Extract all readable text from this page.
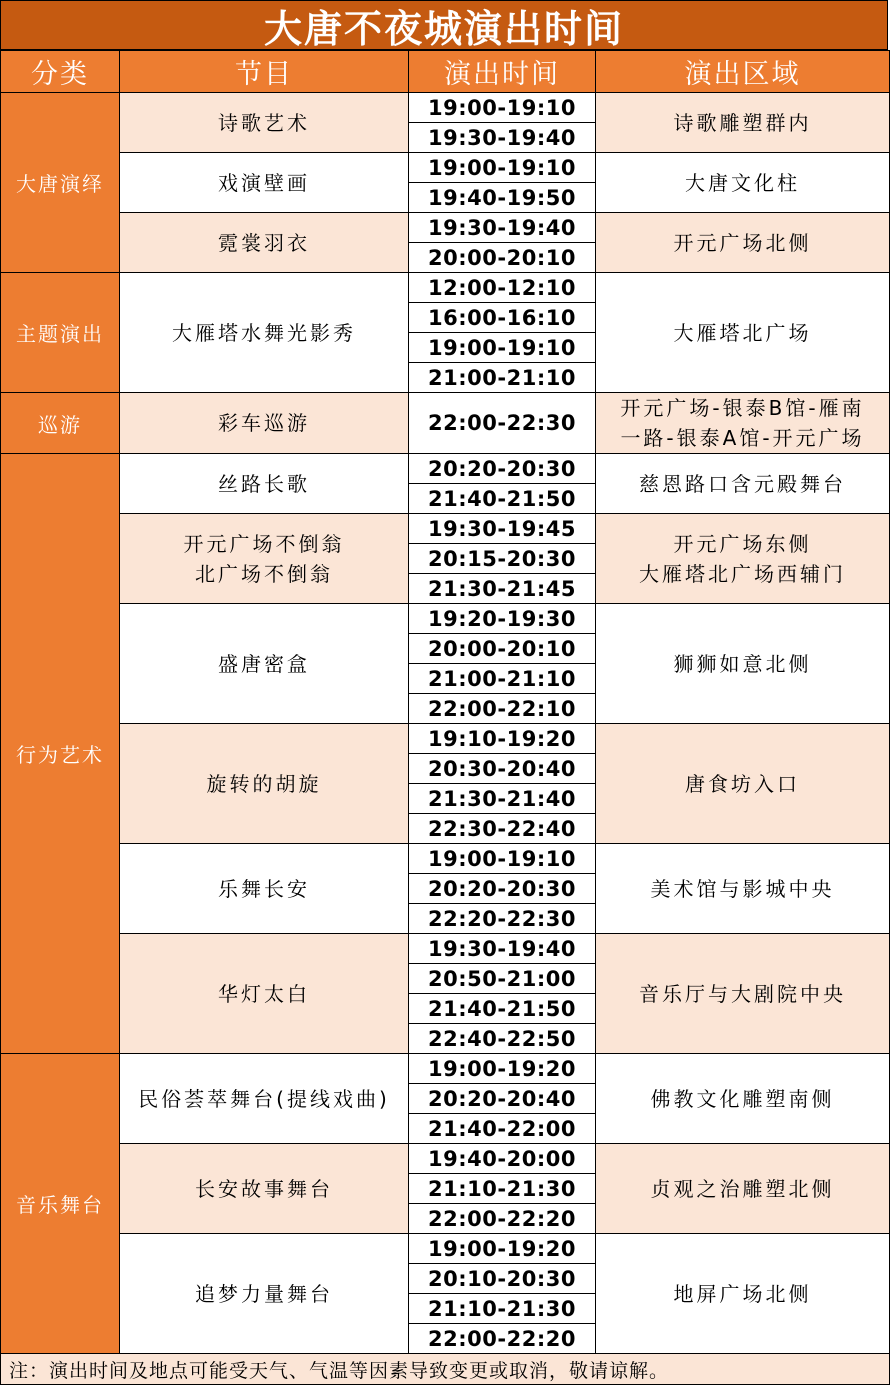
大唐不夜城演出时间
分类	节目	演出时间	演出区域
大唐演绎	诗歌艺术	19:00-19:10	诗歌雕塑群内

		19:30-19:40	

	戏演壁画	19:00-19:10	大唐文化柱

		19:40-19:50	

	霓裳羽衣	19:30-19:40	开元广场北侧

		20:00-20:10	
主题演出	大雁塔水舞光影秀	12:00-12:10	大雁塔北广场

		16:00-16:10	
		19:00-19:10	
		21:00-21:10	
巡游	彩车巡游	22:00-22:30	开元广场-银泰B馆-雁南
一路-银泰A馆-开元广场

行为艺术	丝路长歌	20:20-20:30	慈恩路口含元殿舞台

		21:40-21:50	

	开元广场不倒翁
北广场不倒翁	19:30-19:45	开元广场东侧
大雁塔北广场西辅门

		20:15-20:30	
		21:30-21:45	

	盛唐密盒	19:20-19:30	狮狮如意北侧

		20:00-20:10	
		21:00-21:10	
		22:00-22:10	

	旋转的胡旋	19:10-19:20	唐食坊入口

		20:30-20:40	
		21:30-21:40	
		22:30-22:40	

	乐舞长安	19:00-19:10	美术馆与影城中央

		20:20-20:30	
		22:20-22:30	

	华灯太白	19:30-19:40	音乐厅与大剧院中央

		20:50-21:00	
		21:40-21:50	
		22:40-22:50	
音乐舞台	民俗荟萃舞台(提线戏曲)	19:00-19:20	佛教文化雕塑南侧

		20:20-20:40	
		21:40-22:00	

	长安故事舞台	19:40-20:00	贞观之治雕塑北侧

		21:10-21:30	
		22:00-22:20	

	追梦力量舞台	19:00-19:20	地屏广场北侧

		20:10-20:30	
		21:10-21:30	
		22:00-22:20	
注：演出时间及地点可能受天气、气温等因素导致变更或取消，敬请谅解。			
